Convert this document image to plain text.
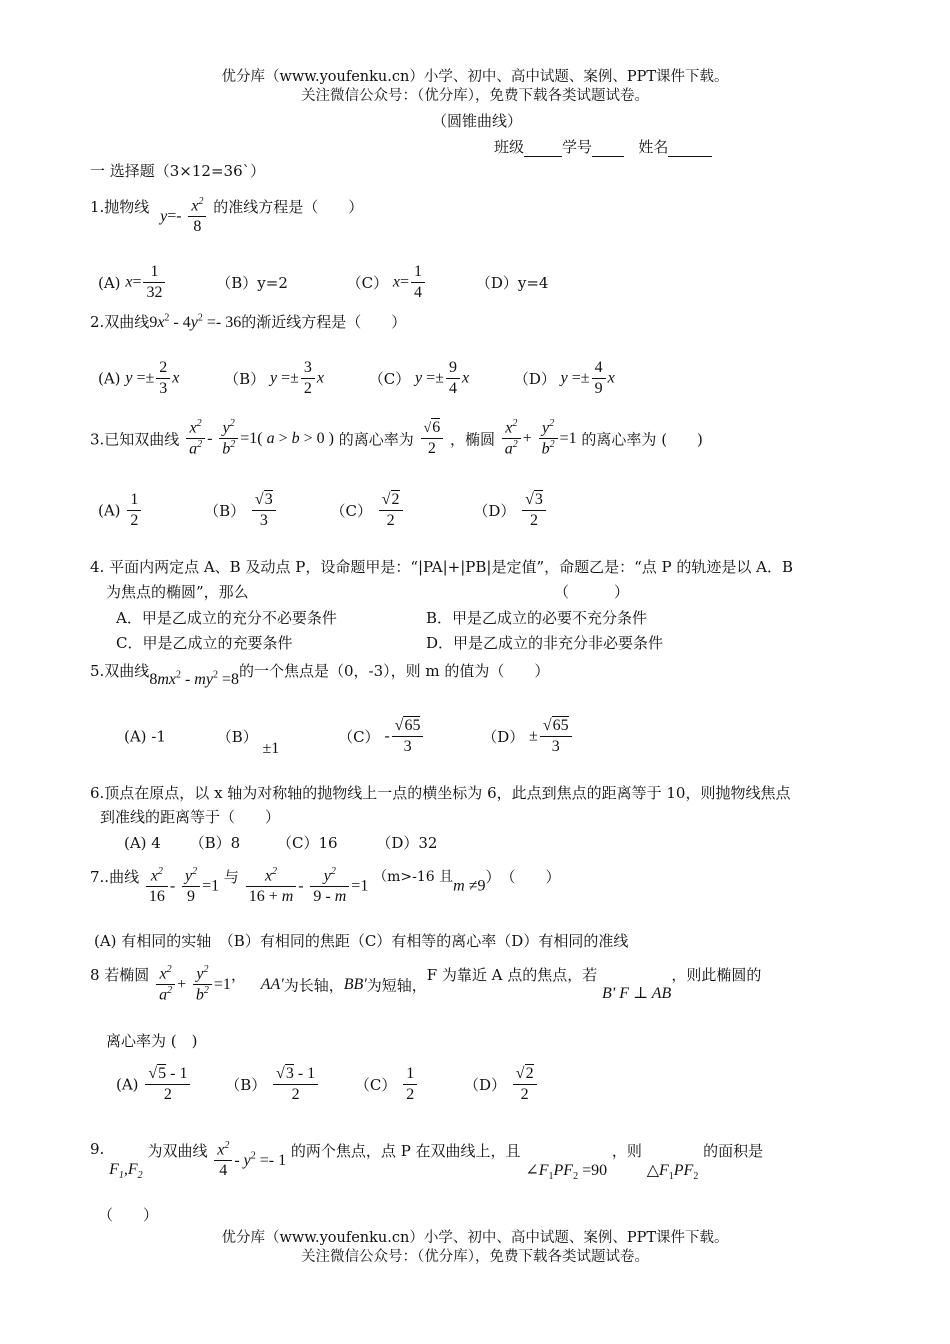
优分库（www.youfenku.cn）小学、初中、高中试题、案例、PPT课件下载。
关注微信公众号：（优分库），免费下载各类试题试卷。
（圆锥曲线）
班级	学号	姓名
一 选择题（3×12=36`）
1.抛物线 $y=- \frac{x^2}{8}$ 的准线方程是（　　）
(A) $x= \frac{1}{32}$	（B）y=2	（C） $x= \frac{1}{4}$	（D）y=4
2.双曲线$9x^2 - 4y^2 =- 36$的渐近线方程是（　　）
(A) $y =\pm \frac{2}{3}$ x	（B） $y =\pm \frac{3}{2}$ x	（C） $y =\pm \frac{9}{4}$ x	（D） $y =\pm \frac{4}{9}$ x
3.已知双曲线 $\frac{x^2}{a^2} - \frac{y^2}{b^2} =1$( a > b > 0 ) 的离心率为 $\frac{√6}{2}$ ，椭圆 $\frac{x^2}{a^2} + \frac{y^2}{b^2} =1$ 的离心率为 (　　)
$(A) \frac{1}{2}$	$(B) \frac{√3}{3}$	$(C) \frac{√2}{2}$	$(D) \frac{√3}{2}$
4. 平面内两定点 A、B 及动点 P，设命题甲是：“|PA|+|PB|是定值”，命题乙是：“点 P 的轨迹是以 A．B
为焦点的椭圆”，那么	（　　　）
A．甲是乙成立的充分不必要条件	B．甲是乙成立的必要不充分条件
C．甲是乙成立的充要条件	D．甲是乙成立的非充分非必要条件
5.双曲线$8mx^2 - my^2 =8$的一个焦点是（0，-3），则 m 的值为（　　）
(A) -1	（B） ±1 $(C) - \frac{√65}{3}$	$(D) \pm \frac{√65}{3}$
6.顶点在原点，以 x 轴为对称轴的抛物线上一点的横坐标为 6，此点到焦点的距离等于 10，则抛物线焦点
到准线的距离等于（　　）
(A) 4 （B）8 （C）16	（D）32
7..曲线 $\frac{x^2}{16} - \frac{y^2}{9} =1$ 与 $\frac{x^2}{16 + m} - \frac{y^2}{9 - m} =1$ （m>-16 且m ≠9）　（　　）
(A) 有相同的实轴　（B）有相同的焦距（C）有相等的离心率（D）有相同的准线
8 若椭圆 $\frac{x^2}{a^2} + \frac{y^2}{b^2} =1$， AA'为长轴，BB'为短轴，F 为靠近 A 点的焦点，若 B' F ⊥ AB，则此椭圆的
离心率为 (　)
$(A) \frac{√5 - 1}{2} (B) \frac{√3 - 1}{2} (C) \frac{1}{2}$	$(D) \frac{√2}{2}$
9. $F_1,F_2$ 为双曲线 $\frac{x^2}{4} - y^2 =- 1$ 的两个焦点，点 P 在双曲线上，且 $\angle F_1PF_2 =90$ ，则 $\triangle F_1PF_2$ 的面积是
（　　）
优分库（www.youfenku.cn）小学、初中、高中试题、案例、PPT课件下载。
关注微信公众号：（优分库），免费下载各类试题试卷。
